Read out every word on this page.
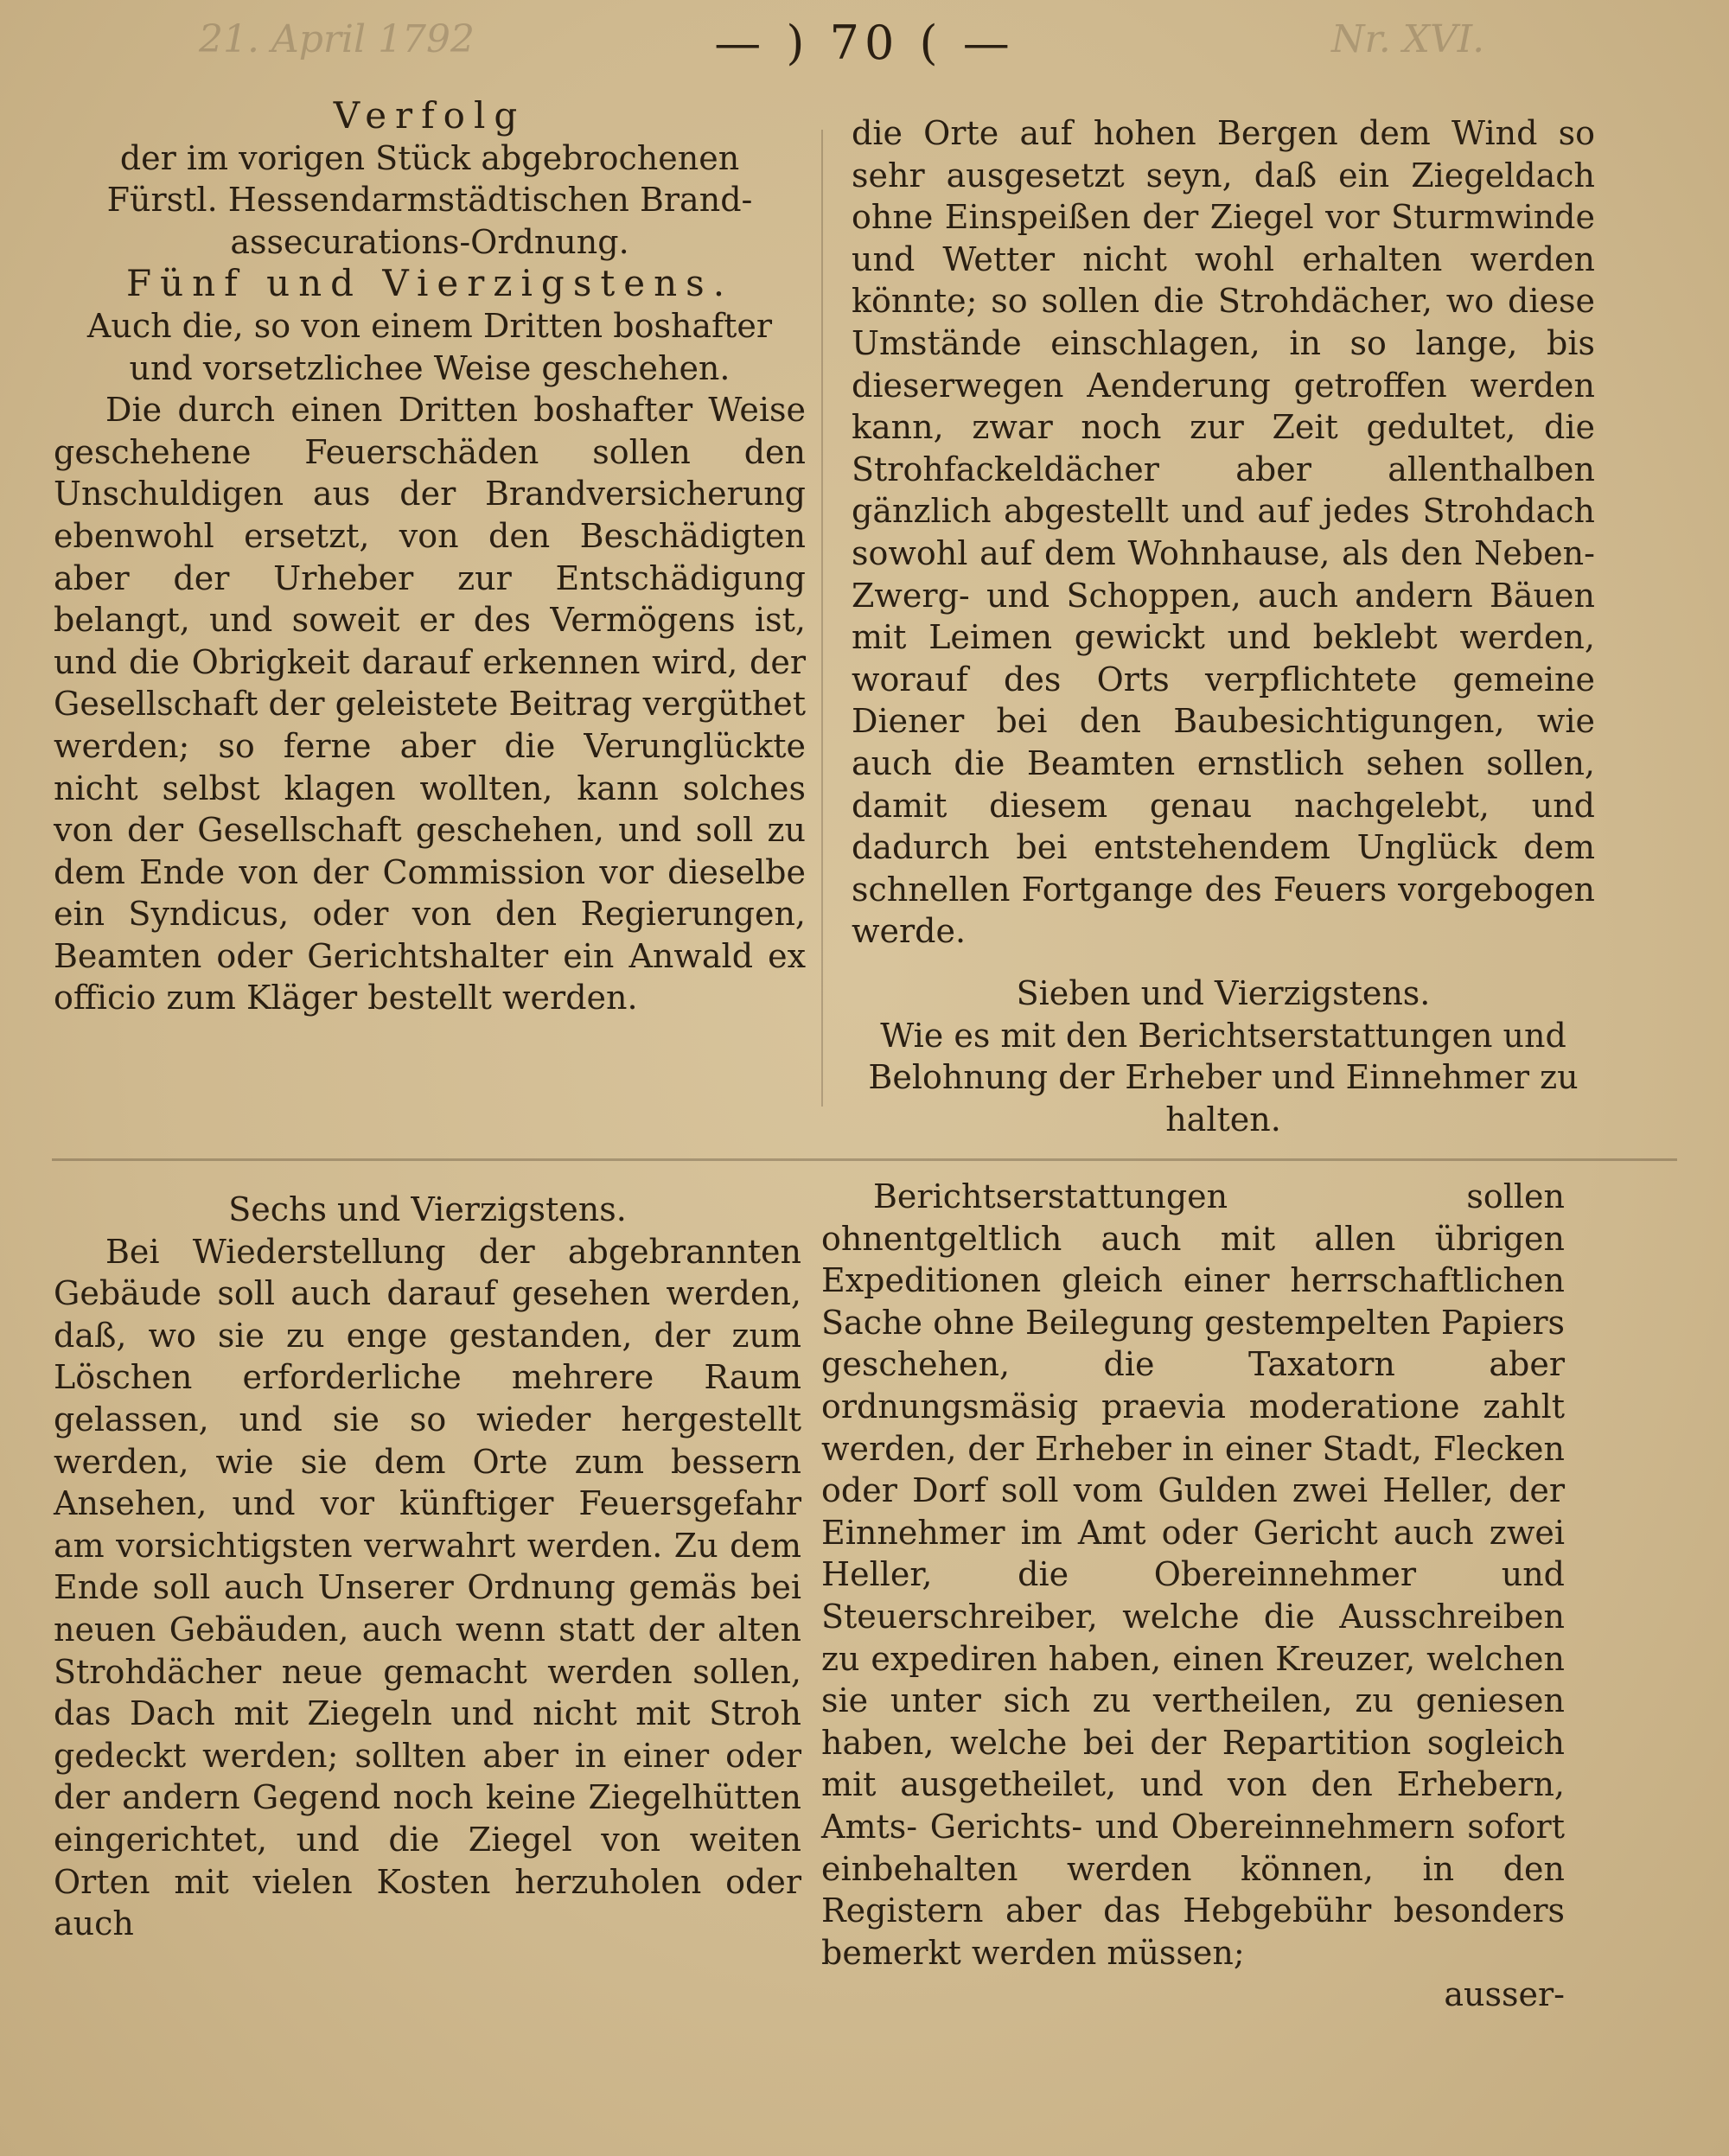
21. April 1792	— ) 70 ( —	Nr. XVI.

Verfolg

der im vorigen Stück abgebrochenen

Fürstl. Hessendarmstädtischen Brand-

assecurations-Ordnung.

Fünf und Vierzigstens.

Auch die, so von einem Dritten boshafter und vorsetzlichee Weise geschehen.

Die durch einen Dritten boshafter Weise geschehene Feuerschäden sollen den Unschuldigen aus der Brandversicherung ebenwohl ersetzt, von den Beschädigten aber der Urheber zur Entschädigung belangt, und soweit er des Vermögens ist, und die Obrigkeit darauf erkennen wird, der Gesellschaft der geleistete Beitrag vergüthet werden; so ferne aber die Verunglückte nicht selbst klagen wollten, kann solches von der Gesellschaft geschehen, und soll zu dem Ende von der Commission vor dieselbe ein Syndicus, oder von den Regierungen, Beamten oder Gerichtshalter ein Anwald ex officio zum Kläger bestellt werden.

die Orte auf hohen Bergen dem Wind so sehr ausgesetzt seyn, daß ein Ziegeldach ohne Einspeißen der Ziegel vor Sturmwinde und Wetter nicht wohl erhalten werden könnte; so sollen die Strohdächer, wo diese Umstände einschlagen, in so lange, bis dieserwegen Aenderung getroffen werden kann, zwar noch zur Zeit gedultet, die Strohfackeldächer aber allenthalben gänzlich abgestellt und auf jedes Strohdach sowohl auf dem Wohnhause, als den Neben- Zwerg- und Schoppen, auch andern Bäuen mit Leimen gewickt und beklebt werden, worauf des Orts verpflichtete gemeine Diener bei den Baubesichtigungen, wie auch die Beamten ernstlich sehen sollen, damit diesem genau nachgelebt, und dadurch bei entstehendem Unglück dem schnellen Fortgange des Feuers vorgebogen werde.

Sieben und Vierzigstens.

Wie es mit den Berichtserstattungen und Belohnung der Erheber und Einnehmer zu halten.

Sechs und Vierzigstens.

Bei Wiederstellung der abgebrannten Gebäude soll auch darauf gesehen werden, daß, wo sie zu enge gestanden, der zum Löschen erforderliche mehrere Raum gelassen, und sie so wieder hergestellt werden, wie sie dem Orte zum bessern Ansehen, und vor künftiger Feuersgefahr am vorsichtigsten verwahrt werden. Zu dem Ende soll auch Unserer Ordnung gemäs bei neuen Gebäuden, auch wenn statt der alten Strohdächer neue gemacht werden sollen, das Dach mit Ziegeln und nicht mit Stroh gedeckt werden; sollten aber in einer oder der andern Gegend noch keine Ziegelhütten eingerichtet, und die Ziegel von weiten Orten mit vielen Kosten herzuholen oder auch

Berichtserstattungen sollen ohnentgeltlich auch mit allen übrigen Expeditionen gleich einer herrschaftlichen Sache ohne Beilegung gestempelten Papiers geschehen, die Taxatorn aber ordnungsmäsig praevia moderatione zahlt werden, der Erheber in einer Stadt, Flecken oder Dorf soll vom Gulden zwei Heller, der Einnehmer im Amt oder Gericht auch zwei Heller, die Obereinnehmer und Steuerschreiber, welche die Ausschreiben zu expediren haben, einen Kreuzer, welchen sie unter sich zu vertheilen, zu geniesen haben, welche bei der Repartition sogleich mit ausgetheilet, und von den Erhebern, Amts- Gerichts- und Obereinnehmern sofort einbehalten werden können, in den Registern aber das Hebgebühr besonders bemerkt werden müssen;

ausser-
